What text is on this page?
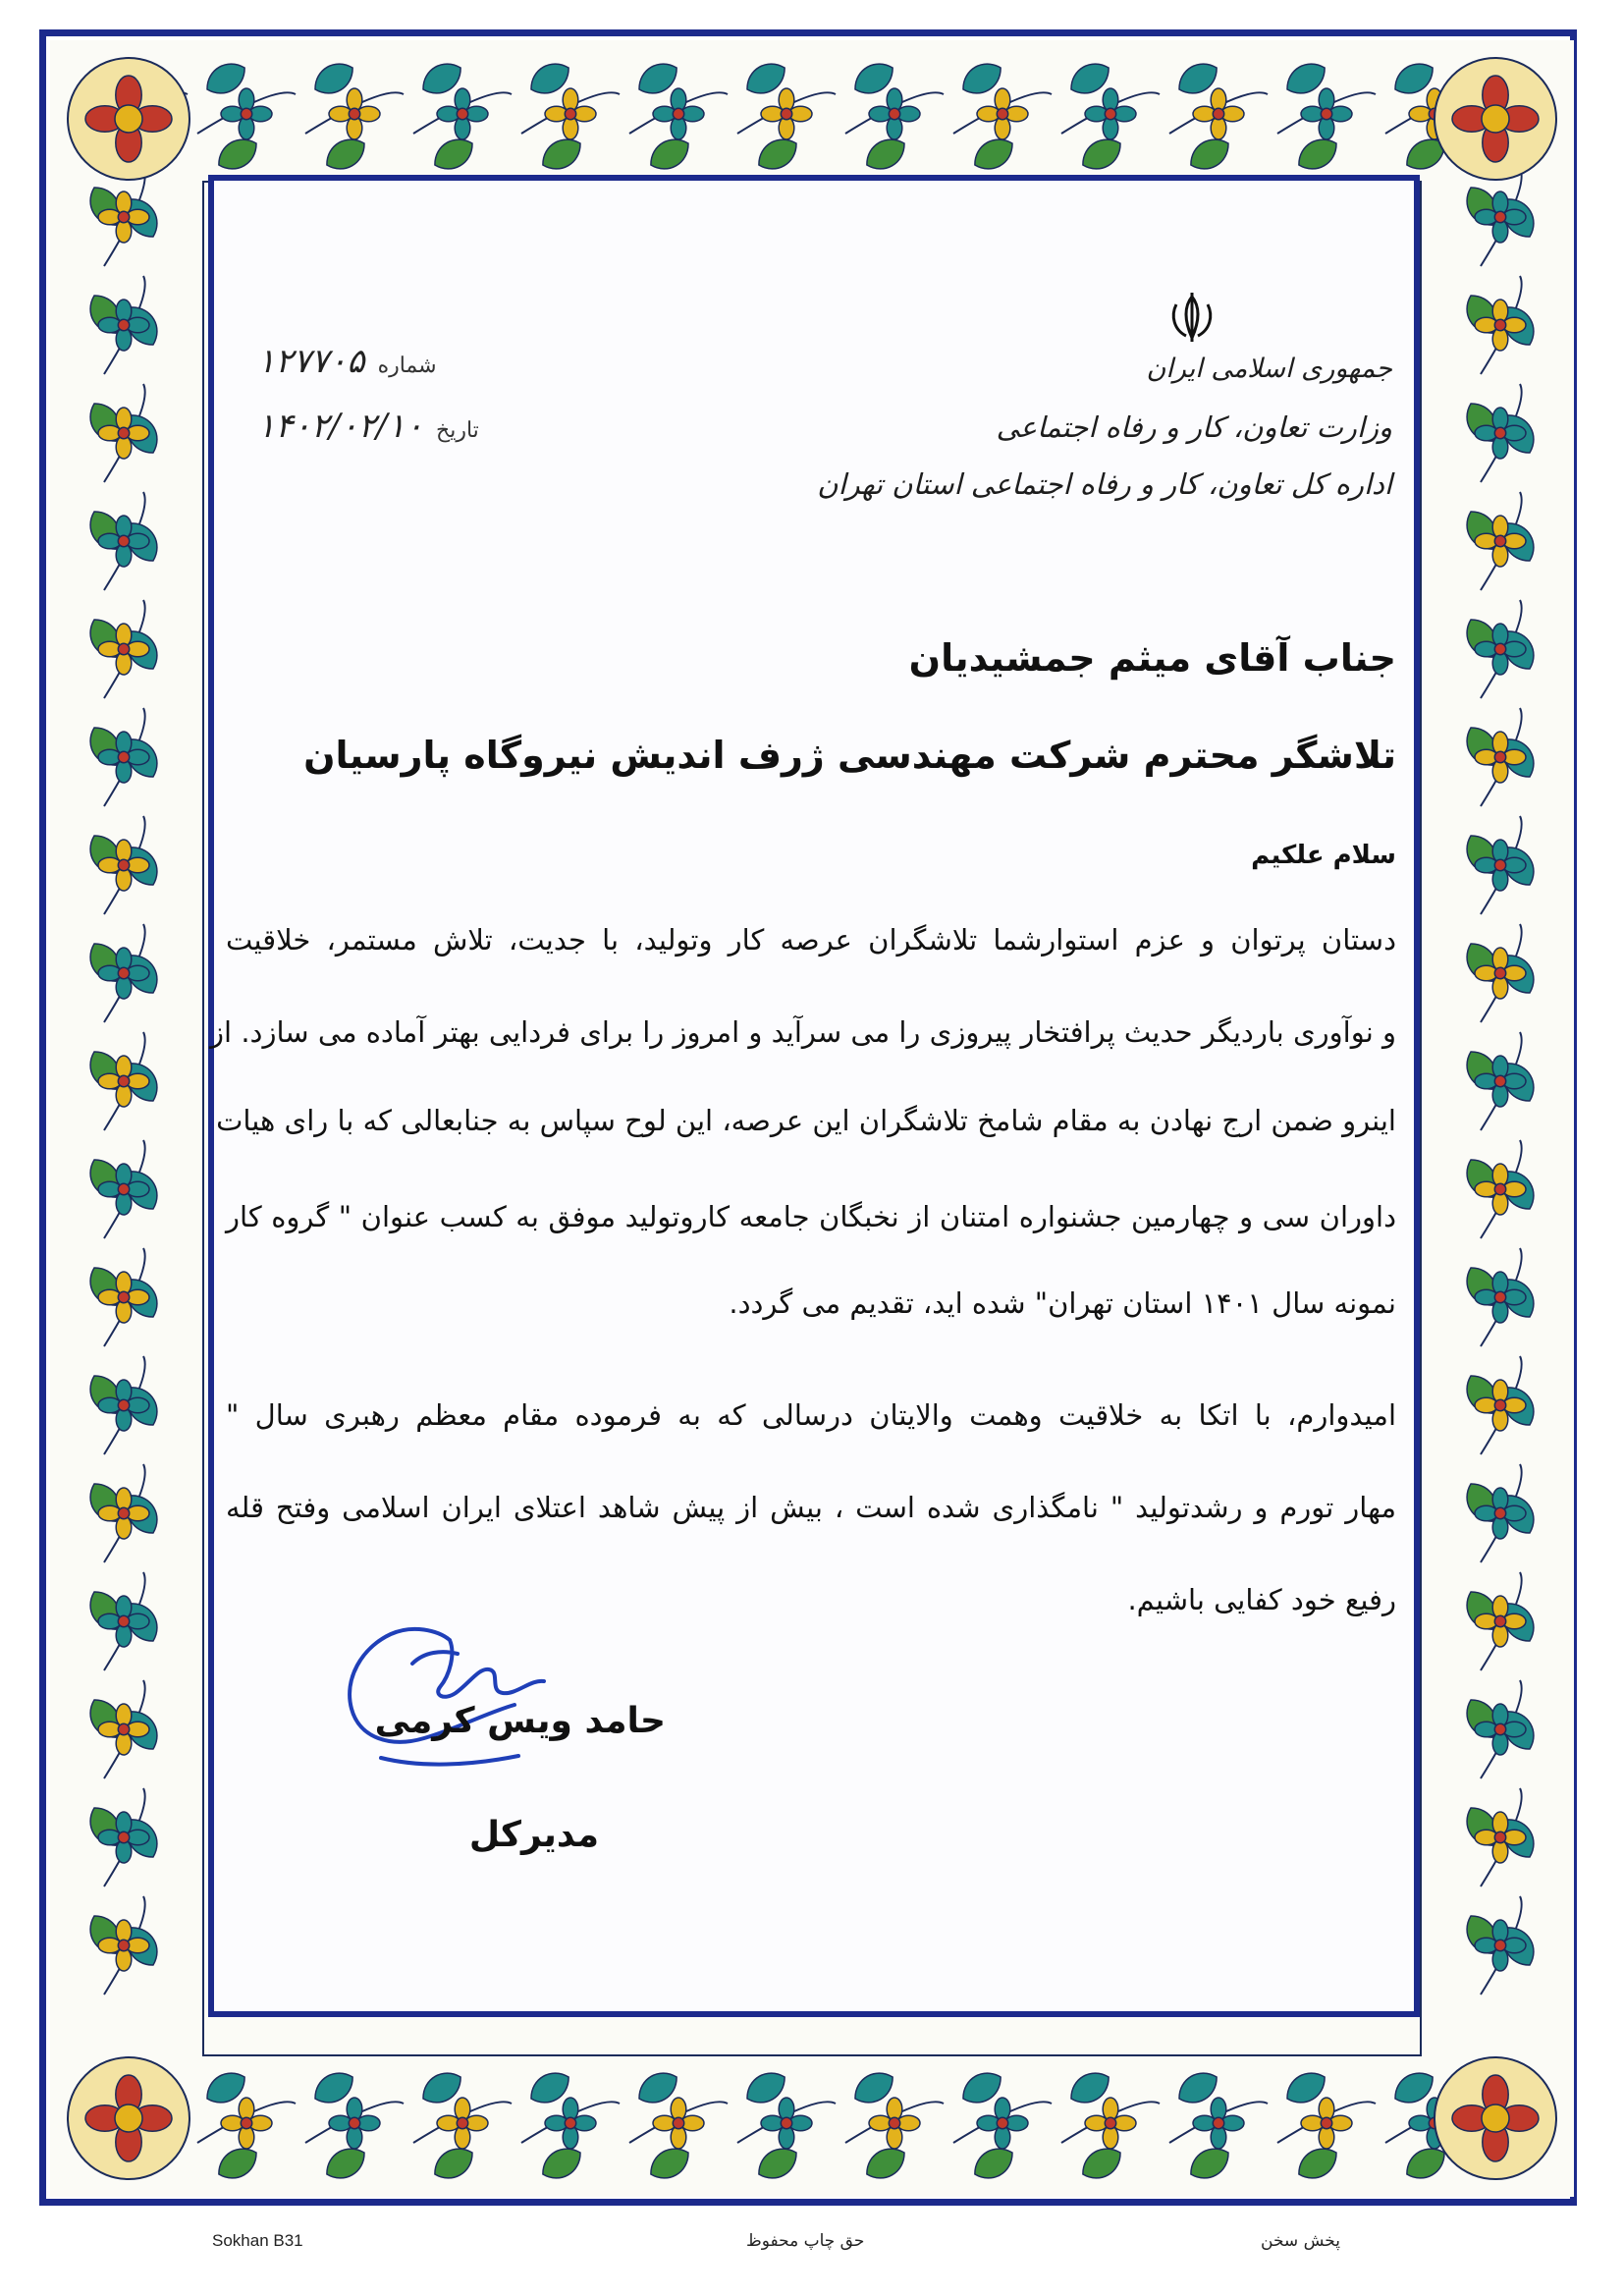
جمهوری اسلامی ایران
وزارت تعاون، کار و رفاه اجتماعی
اداره کل تعاون، کار و رفاه اجتماعی استان تهران
شماره ۱۲۷۷۰۵
تاریخ ۱۴۰۲/۰۲/۱۰
جناب آقای میثم جمشیدیان
تلاشگر محترم شرکت مهندسی ژرف اندیش نیروگاه پارسیان
سلام علکیم
دستان پرتوان و عزم استوارشما تلاشگران عرصه کار وتولید، با جدیت، تلاش مستمر، خلاقیت
و نوآوری باردیگر حدیث پرافتخار پیروزی را می سرآید و امروز را برای فردایی بهتر آماده می سازد. از
اینرو ضمن ارج نهادن به مقام شامخ تلاشگران این عرصه، این لوح سپاس به جنابعالی که با رای هیات
داوران سی و چهارمین جشنواره امتنان از نخبگان جامعه کاروتولید موفق به کسب عنوان " گروه کار
نمونه سال ۱۴۰۱ استان تهران" شده اید، تقدیم می گردد.
امیدوارم، با اتکا به خلاقیت وهمت والایتان درسالی که به فرموده مقام معظم رهبری سال "
مهار تورم و رشدتولید " نامگذاری شده است ، بیش از پیش شاهد اعتلای ایران اسلامی وفتح قله
رفیع خود کفایی باشیم.
حامد ویس کرمی
مدیرکل
Sokhan B31	حق چاپ محفوظ	پخش سخن
